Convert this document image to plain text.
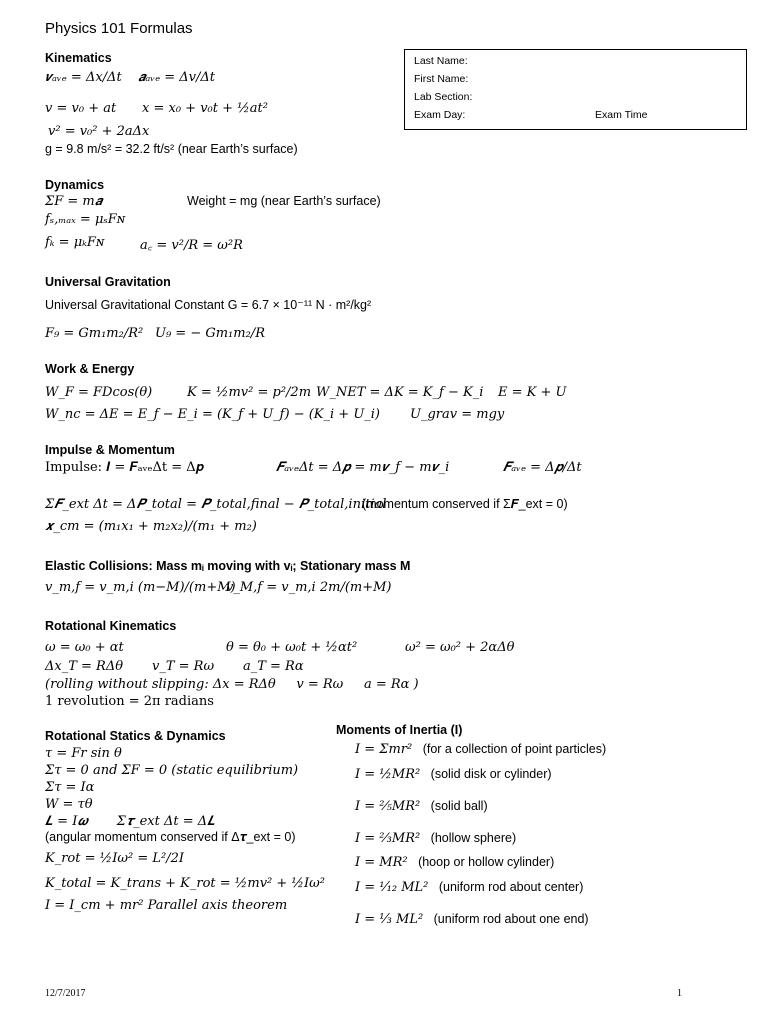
Physics 101 Formulas
Last Name:
First Name:
Lab Section:
Exam Day:	Exam Time
Kinematics
𝒗ₐᵥₑ = Δx/Δt 𝒂ₐᵥₑ = Δv/Δt
v = v₀ + at x = x₀ + v₀t + ½at²
v² = v₀² + 2aΔx
g = 9.8 m/s² = 32.2 ft/s² (near Earth’s surface)
Dynamics
ΣF = m𝒂	Weight = mg (near Earth’s surface)
fₛ,ₘₐₓ = μₛFɴ
fₖ = μₖFɴ	a꜀ = v²/R = ω²R
Universal Gravitation
Universal Gravitational Constant G = 6.7 × 10⁻¹¹ N · m²/kg²
F₉ = Gm₁m₂/R² U₉ = − Gm₁m₂/R
Work & Energy
W_F = FDcos(θ)	K = ½mv² = p²/2m W_NET = ΔK = K_f − K_i E = K + U
W_nc = ΔE = E_f − E_i = (K_f + U_f) − (K_i + U_i) U_grav = mgy
Impulse & Momentum
Impulse: 𝑰 = 𝑭ₐᵥₑΔt = Δ𝒑	𝑭ₐᵥₑΔt = Δ𝒑 = m𝒗_f − m𝒗_i	𝑭ₐᵥₑ = Δ𝒑/Δt
Σ𝑭_ext Δt = Δ𝑷_total = 𝑷_total,final − 𝑷_total,initial
(momentum conserved if Σ𝑭_ext = 0)
𝒙_cm = (m₁x₁ + m₂x₂)/(m₁ + m₂)
Elastic Collisions: Mass mᵢ moving with vᵢ; Stationary mass M
v_m,f = v_m,i (m−M)/(m+M)
v_M,f = v_m,i 2m/(m+M)
Rotational Kinematics
ω = ω₀ + αt	θ = θ₀ + ω₀t + ½αt²	ω² = ω₀² + 2αΔθ
Δx_T = RΔθ       v_T = Rω       a_T = Rα
(rolling without slipping: Δx = RΔθ     v = Rω     a = Rα )
1 revolution = 2π radians
Rotational Statics & Dynamics
τ = Fr sin θ
Στ = 0 and ΣF = 0 (static equilibrium)
Στ = Iα
W = τθ
𝑳 = I𝝎       Σ𝝉_ext Δt = Δ𝑳
(angular momentum conserved if Δ𝝉_ext = 0)
K_rot = ½Iω² = L²/2I
K_total = K_trans + K_rot = ½mv² + ½Iω²
I = I_cm + mr² Parallel axis theorem
Moments of Inertia (I)
I = Σmr² (for a collection of point particles)
I = ½MR² (solid disk or cylinder)
I = ⅖MR² (solid ball)
I = ⅔MR² (hollow sphere)
I = MR² (hoop or hollow cylinder)
I = ¹⁄₁₂ ML² (uniform rod about center)
I = ⅓ ML² (uniform rod about one end)
12/7/2017	1
